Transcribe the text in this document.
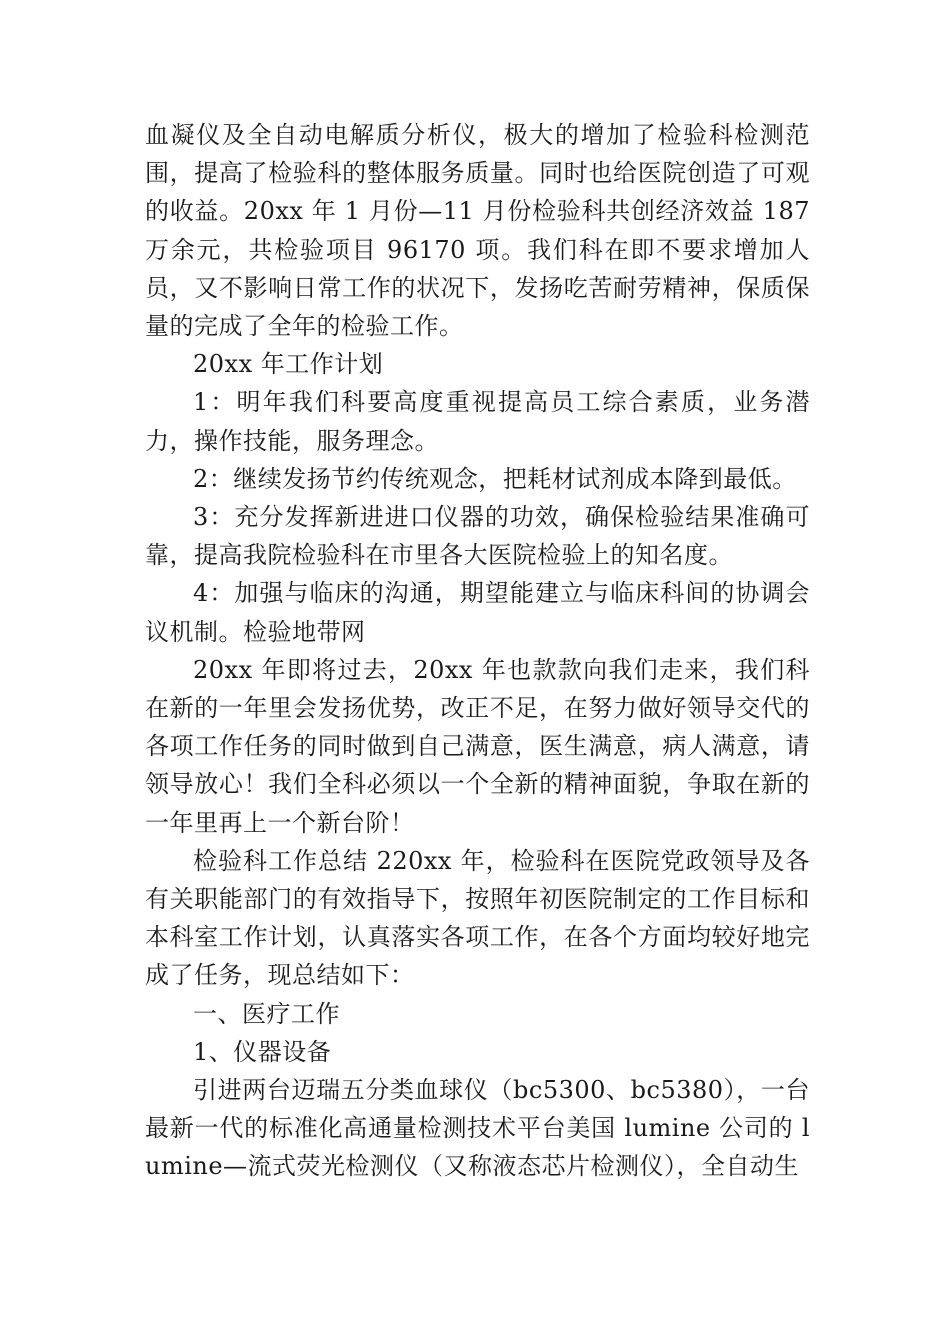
血凝仪及全自动电解质分析仪，极大的增加了检验科检测范围，提高了检验科的整体服务质量。同时也给医院创造了可观的收益。20xx 年 1 月份—11 月份检验科共创经济效益 187 万余元，共检验项目 96170 项。我们科在即不要求增加人员，又不影响日常工作的状况下，发扬吃苦耐劳精神，保质保量的完成了全年的检验工作。

20xx 年工作计划

1：明年我们科要高度重视提高员工综合素质，业务潜力，操作技能，服务理念。

2：继续发扬节约传统观念，把耗材试剂成本降到最低。

3：充分发挥新进进口仪器的功效，确保检验结果准确可靠，提高我院检验科在市里各大医院检验上的知名度。

4：加强与临床的沟通，期望能建立与临床科间的协调会议机制。检验地带网

20xx 年即将过去，20xx 年也款款向我们走来，我们科在新的一年里会发扬优势，改正不足，在努力做好领导交代的各项工作任务的同时做到自己满意，医生满意，病人满意，请领导放心！我们全科必须以一个全新的精神面貌，争取在新的一年里再上一个新台阶！

检验科工作总结 220xx 年，检验科在医院党政领导及各有关职能部门的有效指导下，按照年初医院制定的工作目标和本科室工作计划，认真落实各项工作，在各个方面均较好地完成了任务，现总结如下：

一、医疗工作

1、仪器设备

引进两台迈瑞五分类血球仪（bc5300、bc5380），一台最新一代的标准化高通量检测技术平台美国 lumine 公司的 lumine—流式荧光检测仪（又称液态芯片检测仪），全自动生
